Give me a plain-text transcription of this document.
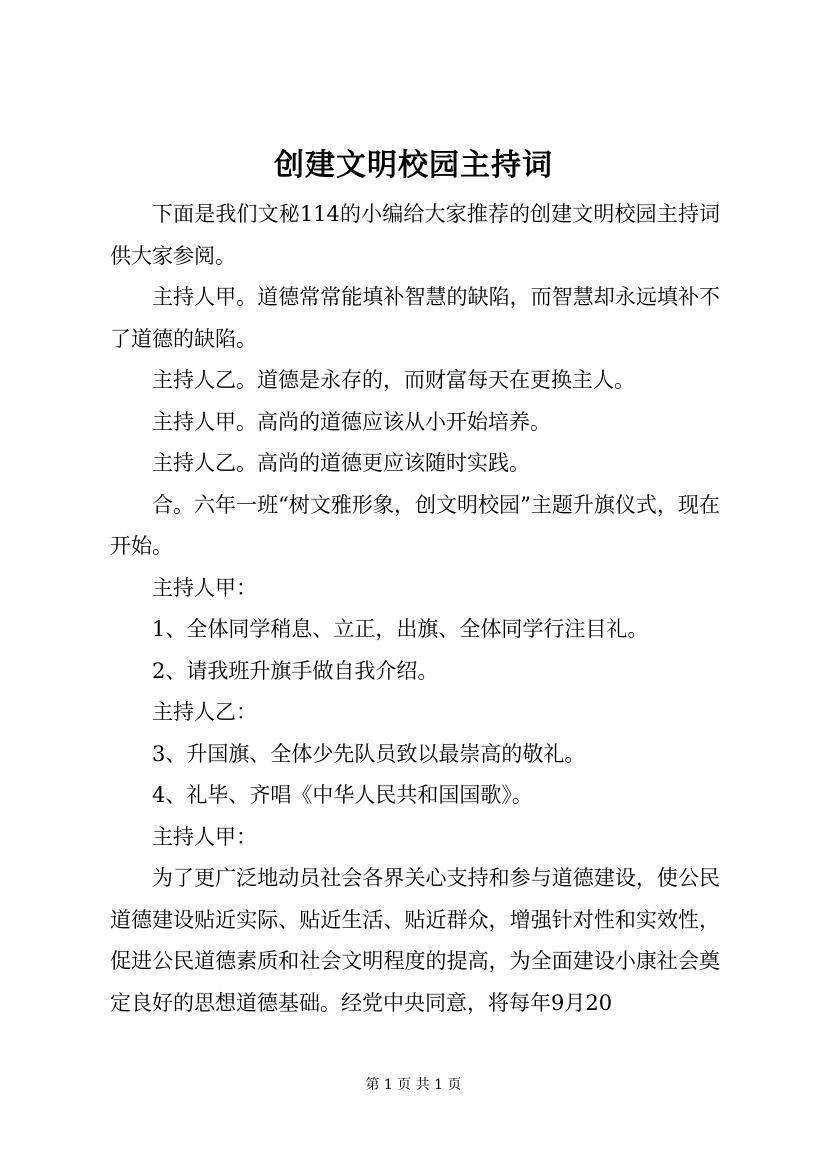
创建文明校园主持词

下面是我们文秘114的小编给大家推荐的创建文明校园主持词供大家参阅。

主持人甲。道德常常能填补智慧的缺陷，而智慧却永远填补不了道德的缺陷。

主持人乙。道德是永存的，而财富每天在更换主人。

主持人甲。高尚的道德应该从小开始培养。

主持人乙。高尚的道德更应该随时实践。

合。六年一班“树文雅形象，创文明校园”主题升旗仪式，现在开始。

主持人甲：

1、全体同学稍息、立正，出旗、全体同学行注目礼。

2、请我班升旗手做自我介绍。

主持人乙：

3、升国旗、全体少先队员致以最崇高的敬礼。

4、礼毕、齐唱《中华人民共和国国歌》。

主持人甲：

为了更广泛地动员社会各界关心支持和参与道德建设，使公民道德建设贴近实际、贴近生活、贴近群众，增强针对性和实效性，促进公民道德素质和社会文明程度的提高，为全面建设小康社会奠定良好的思想道德基础。经党中央同意，将每年9月20

第 1 页 共 1 页
